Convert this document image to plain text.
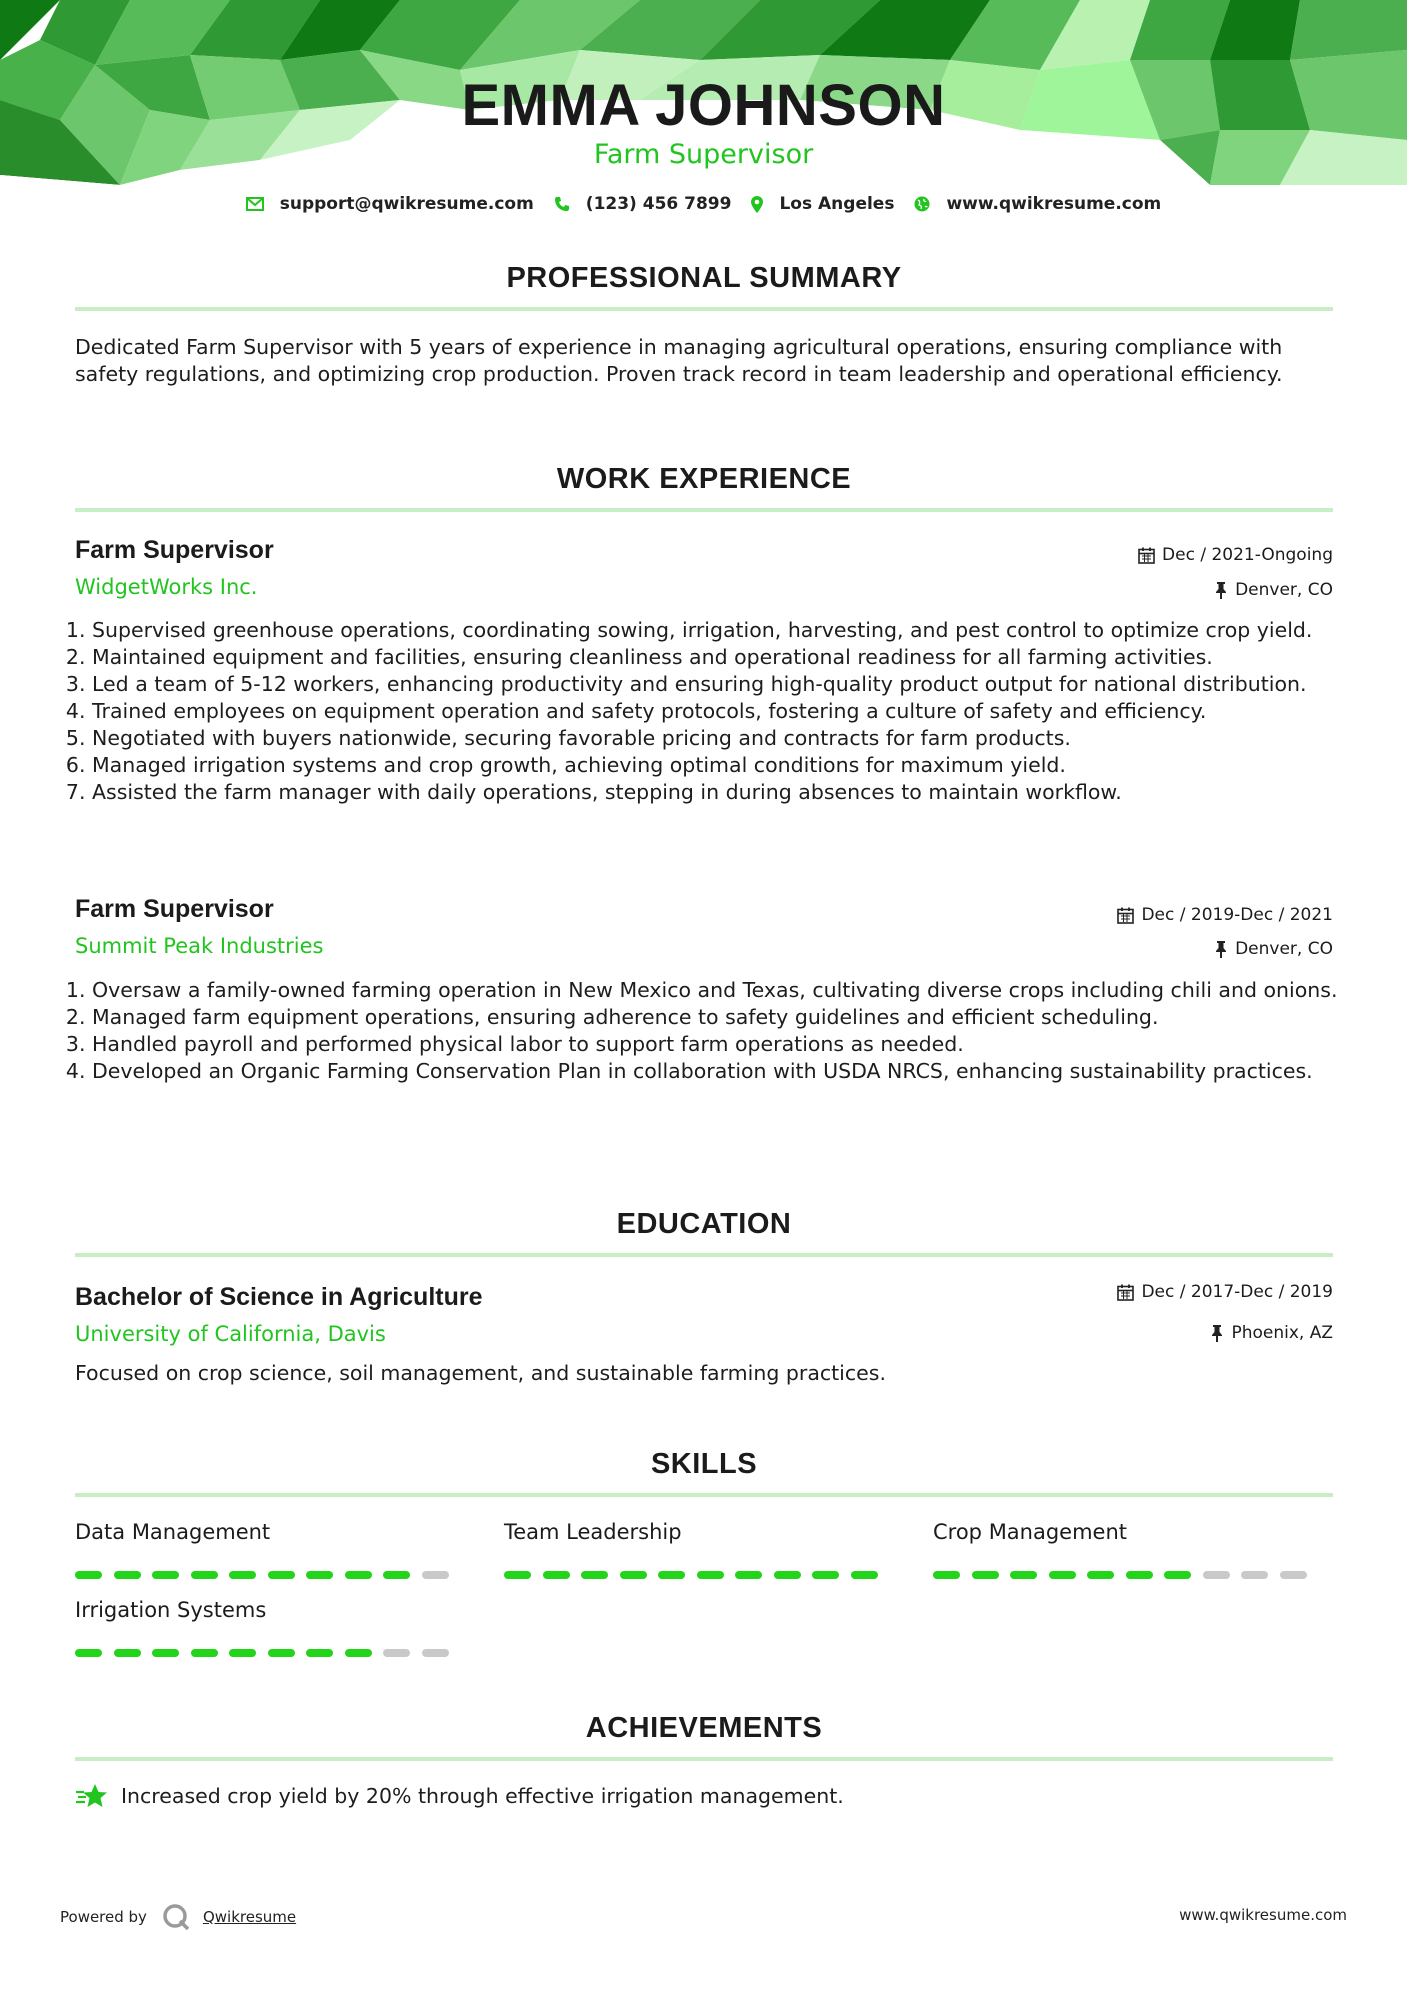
EMMA JOHNSON
Farm Supervisor
support@qwikresume.com	(123) 456 7899	Los Angeles	www.qwikresume.com
PROFESSIONAL SUMMARY
Dedicated Farm Supervisor with 5 years of experience in managing agricultural operations, ensuring compliance with safety regulations, and optimizing crop production. Proven track record in team leadership and operational efficiency.
WORK EXPERIENCE
Farm Supervisor	Dec / 2021-Ongoing
WidgetWorks Inc.	Denver, CO
1. Supervised greenhouse operations, coordinating sowing, irrigation, harvesting, and pest control to optimize crop yield.
2. Maintained equipment and facilities, ensuring cleanliness and operational readiness for all farming activities.
3. Led a team of 5-12 workers, enhancing productivity and ensuring high-quality product output for national distribution.
4. Trained employees on equipment operation and safety protocols, fostering a culture of safety and efficiency.
5. Negotiated with buyers nationwide, securing favorable pricing and contracts for farm products.
6. Managed irrigation systems and crop growth, achieving optimal conditions for maximum yield.
7. Assisted the farm manager with daily operations, stepping in during absences to maintain workflow.
Farm Supervisor	Dec / 2019-Dec / 2021
Summit Peak Industries	Denver, CO
1. Oversaw a family-owned farming operation in New Mexico and Texas, cultivating diverse crops including chili and onions.
2. Managed farm equipment operations, ensuring adherence to safety guidelines and efficient scheduling.
3. Handled payroll and performed physical labor to support farm operations as needed.
4. Developed an Organic Farming Conservation Plan in collaboration with USDA NRCS, enhancing sustainability practices.
EDUCATION
Bachelor of Science in Agriculture	Dec / 2017-Dec / 2019
University of California, Davis	Phoenix, AZ
Focused on crop science, soil management, and sustainable farming practices.
SKILLS
Data Management	Team Leadership	Crop Management
Irrigation Systems
ACHIEVEMENTS
Increased crop yield by 20% through effective irrigation management.
Powered by	Qwikresume	www.qwikresume.com
